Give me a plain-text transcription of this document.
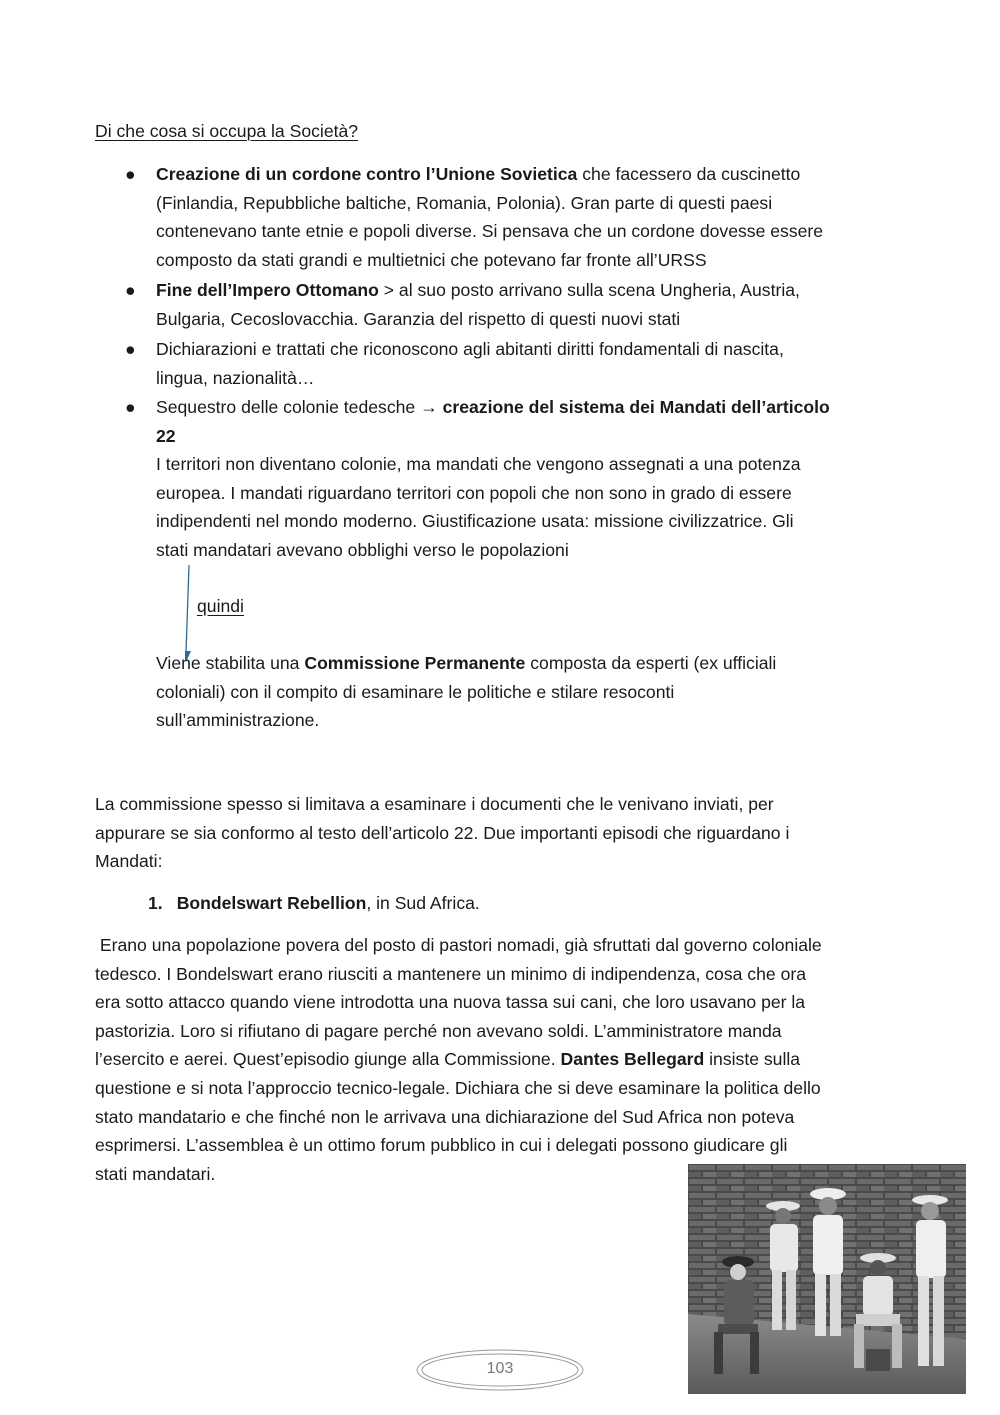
Di che cosa si occupa la Società?
● Creazione di un cordone contro l’Unione Sovietica che facessero da cuscinetto
(Finlandia, Repubbliche baltiche, Romania, Polonia). Gran parte di questi paesi
contenevano tante etnie e popoli diverse. Si pensava che un cordone dovesse essere
composto da stati grandi e multietnici che potevano far fronte all’URSS
● Fine dell’Impero Ottomano > al suo posto arrivano sulla scena Ungheria, Austria,
Bulgaria, Cecoslovacchia. Garanzia del rispetto di questi nuovi stati
● Dichiarazioni e trattati che riconoscono agli abitanti diritti fondamentali di nascita,
lingua, nazionalità…
● Sequestro delle colonie tedesche → creazione del sistema dei Mandati dell’articolo
22
I territori non diventano colonie, ma mandati che vengono assegnati a una potenza
europea. I mandati riguardano territori con popoli che non sono in grado di essere
indipendenti nel mondo moderno. Giustificazione usata: missione civilizzatrice. Gli
stati mandatari avevano obblighi verso le popolazioni
quindi
Viene stabilita una Commissione Permanente composta da esperti (ex ufficiali
coloniali) con il compito di esaminare le politiche e stilare resoconti
sull’amministrazione.
La commissione spesso si limitava a esaminare i documenti che le venivano inviati, per
appurare se sia conformo al testo dell’articolo 22. Due importanti episodi che riguardano i
Mandati:
1. Bondelswart Rebellion, in Sud Africa.
Erano una popolazione povera del posto di pastori nomadi, già sfruttati dal governo coloniale
tedesco. I Bondelswart erano riusciti a mantenere un minimo di indipendenza, cosa che ora
era sotto attacco quando viene introdotta una nuova tassa sui cani, che loro usavano per la
pastorizia. Loro si rifiutano di pagare perché non avevano soldi. L’amministratore manda
l’esercito e aerei. Quest’episodio giunge alla Commissione. Dantes Bellegard insiste sulla
questione e si nota l’approccio tecnico-legale. Dichiara che si deve esaminare la politica dello
stato mandatario e che finché non le arrivava una dichiarazione del Sud Africa non poteva
esprimersi. L’assemblea è un ottimo forum pubblico in cui i delegati possono giudicare gli
stati mandatari.
103
